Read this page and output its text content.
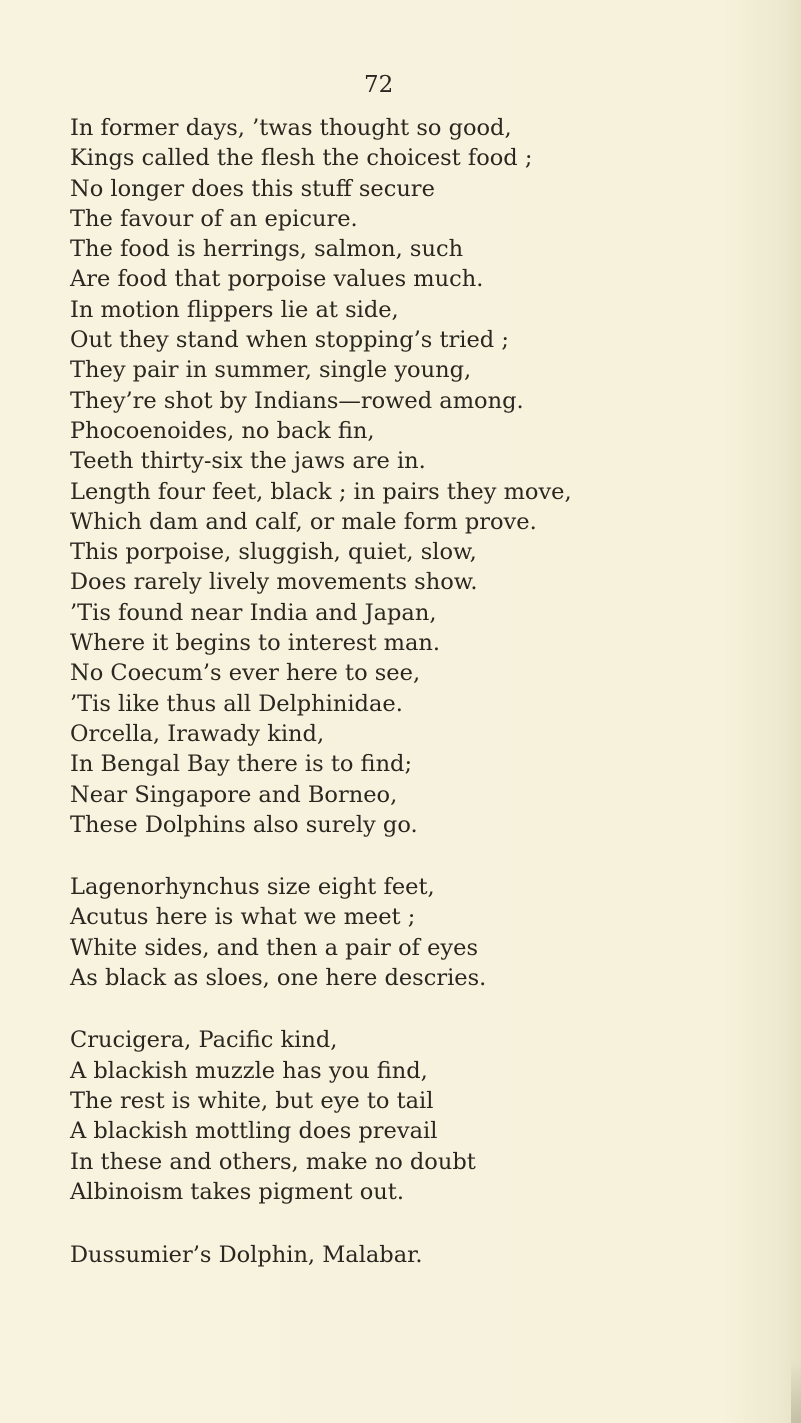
72
In former days, ’twas thought so good,
Kings called the flesh the choicest food ;
No longer does this stuff secure
The favour of an epicure.
The food is herrings, salmon, such
Are food that porpoise values much.
In motion flippers lie at side,
Out they stand when stopping’s tried ;
They pair in summer, single young,
They’re shot by Indians—rowed among.
Phocoenoides, no back fin,
Teeth thirty-six the jaws are in.
Length four feet, black ; in pairs they move,
Which dam and calf, or male form prove.
This porpoise, sluggish, quiet, slow,
Does rarely lively movements show.
’Tis found near India and Japan,
Where it begins to interest man.
No Coecum’s ever here to see,
’Tis like thus all Delphinidae.
Orcella, Irawady kind,
In Bengal Bay there is to find;
Near Singapore and Borneo,
These Dolphins also surely go.
Lagenorhynchus size eight feet,
Acutus here is what we meet ;
White sides, and then a pair of eyes
As black as sloes, one here descries.
Crucigera, Pacific kind,
A blackish muzzle has you find,
The rest is white, but eye to tail
A blackish mottling does prevail
In these and others, make no doubt
Albinoism takes pigment out.
Dussumier’s Dolphin, Malabar.
